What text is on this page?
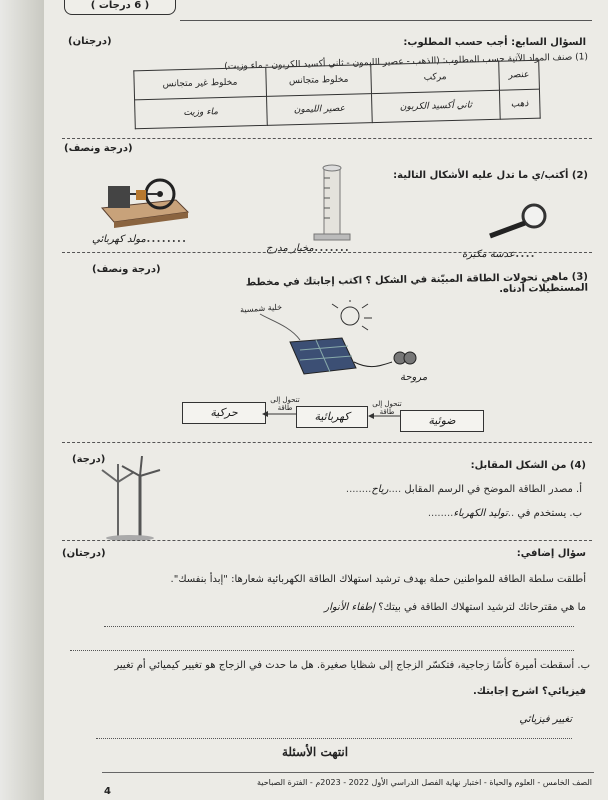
( 6 درجات )
السؤال السابع: أجب حسب المطلوب:
(درجتان)
(1) صنف المواد الآتية حسب المطلوب: (الذهب - عصير الليمون - ثاني أكسيد الكربون - ماء وزيت)
عنصر	مركب	مخلوط متجانس	مخلوط غير متجانس
ذهب	ثاني أكسيد الكربون	عصير الليمون	ماء وزيت
(درجة ونصف)
(2) أكتب/ي ما تدل عليه الأشكال التالية:
........مولد كهربائي	.......مخبار مدرج	....عدسة مكبرة
(درجة ونصف)
(3) ماهي تحولات الطاقة المبيّنة في الشكل ؟ اكتب إجابتك في مخطط المستطيلات أدناه.
خلية شمسية
مروحة
حركية
تتحول إلى طاقة
كهربائية
تتحول إلى طاقة
ضوئية
(درجة)
(4) من الشكل المقابل:
أ. مصدر الطاقة الموضح في الرسم المقابل ....رياح........
ب. يستخدم في ..توليد الكهرباء........
(درجتان)	سؤال إضافي:
أطلقت سلطة الطاقة للمواطنين حملة بهدف ترشيد استهلاك الطاقة الكهربائية شعارها: "إبدأ بنفسك".
ما هي مقترحاتك لترشيد استهلاك الطاقة في بيتك؟ إطفاء الأنوار
ب. أسقطت أميرة كأسًا زجاجية، فتكسّر الزجاج إلى شظايا صغيرة. هل ما حدث في الزجاج هو تغيير كيميائي أم تغيير
فيزيائي؟ اشرح إجابتك.
تغيير فيزيائي
انتهت الأسئلة
الصف الخامس - العلوم والحياة - اختبار نهاية الفصل الدراسي الأول 2022 - 2023م - الفترة الصباحية
4
